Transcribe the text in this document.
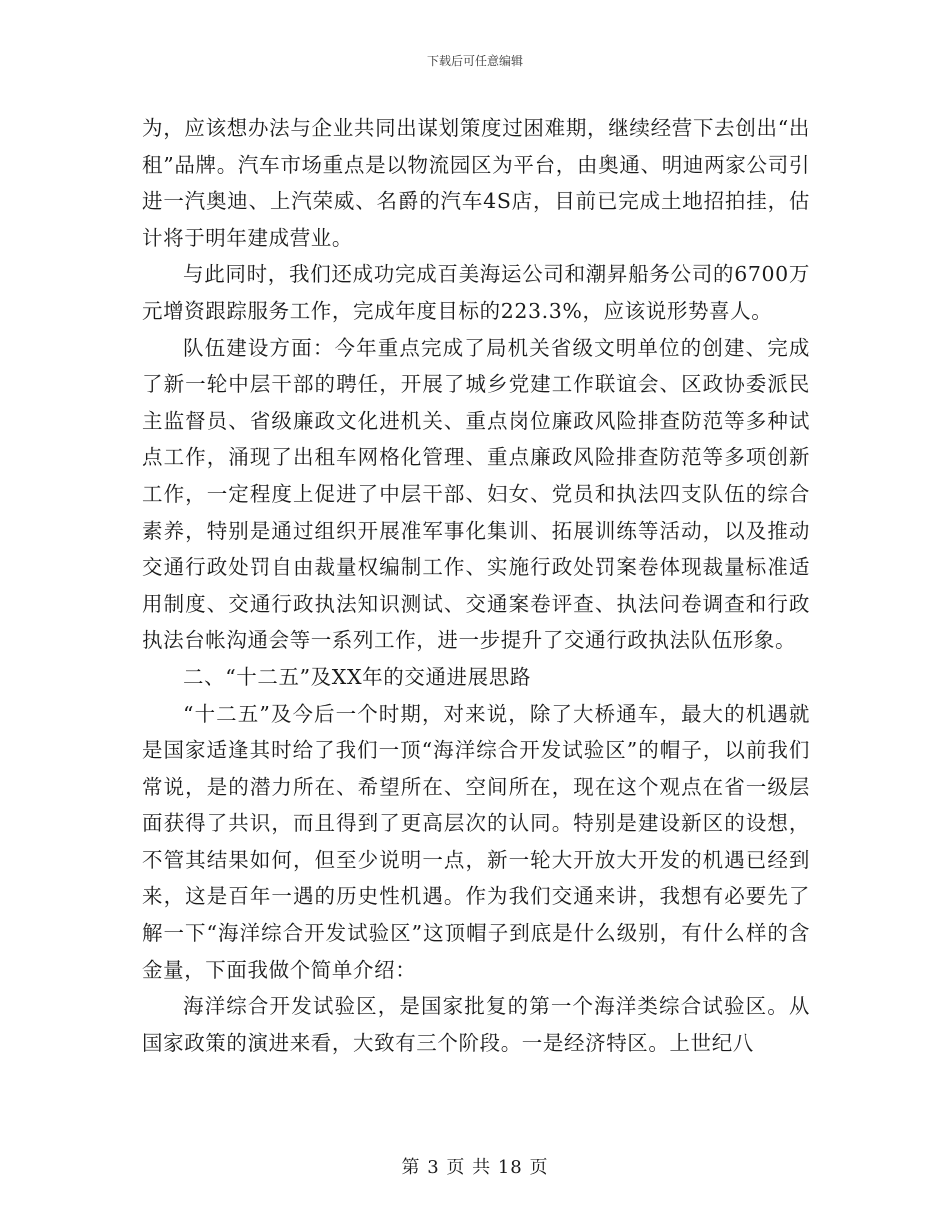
下载后可任意编辑

为，应该想办法与企业共同出谋划策度过困难期，继续经营下去创出“出租”品牌。汽车市场重点是以物流园区为平台，由奥通、明迪两家公司引进一汽奥迪、上汽荣威、名爵的汽车4S店，目前已完成土地招拍挂，估计将于明年建成营业。

与此同时，我们还成功完成百美海运公司和潮昇船务公司的6700万元增资跟踪服务工作，完成年度目标的223.3%，应该说形势喜人。

队伍建设方面：今年重点完成了局机关省级文明单位的创建、完成了新一轮中层干部的聘任，开展了城乡党建工作联谊会、区政协委派民主监督员、省级廉政文化进机关、重点岗位廉政风险排查防范等多种试点工作，涌现了出租车网格化管理、重点廉政风险排查防范等多项创新工作，一定程度上促进了中层干部、妇女、党员和执法四支队伍的综合素养，特别是通过组织开展准军事化集训、拓展训练等活动，以及推动交通行政处罚自由裁量权编制工作、实施行政处罚案卷体现裁量标准适用制度、交通行政执法知识测试、交通案卷评查、执法问卷调查和行政执法台帐沟通会等一系列工作，进一步提升了交通行政执法队伍形象。

二、“十二五”及XX年的交通进展思路

“十二五”及今后一个时期，对来说，除了大桥通车，最大的机遇就是国家适逢其时给了我们一顶“海洋综合开发试验区”的帽子，以前我们常说，是的潜力所在、希望所在、空间所在，现在这个观点在省一级层面获得了共识，而且得到了更高层次的认同。特别是建设新区的设想，不管其结果如何，但至少说明一点，新一轮大开放大开发的机遇已经到来，这是百年一遇的历史性机遇。作为我们交通来讲，我想有必要先了解一下“海洋综合开发试验区”这顶帽子到底是什么级别，有什么样的含金量，下面我做个简单介绍：

海洋综合开发试验区，是国家批复的第一个海洋类综合试验区。从国家政策的演进来看，大致有三个阶段。一是经济特区。上世纪八

第 3 页 共 18 页
